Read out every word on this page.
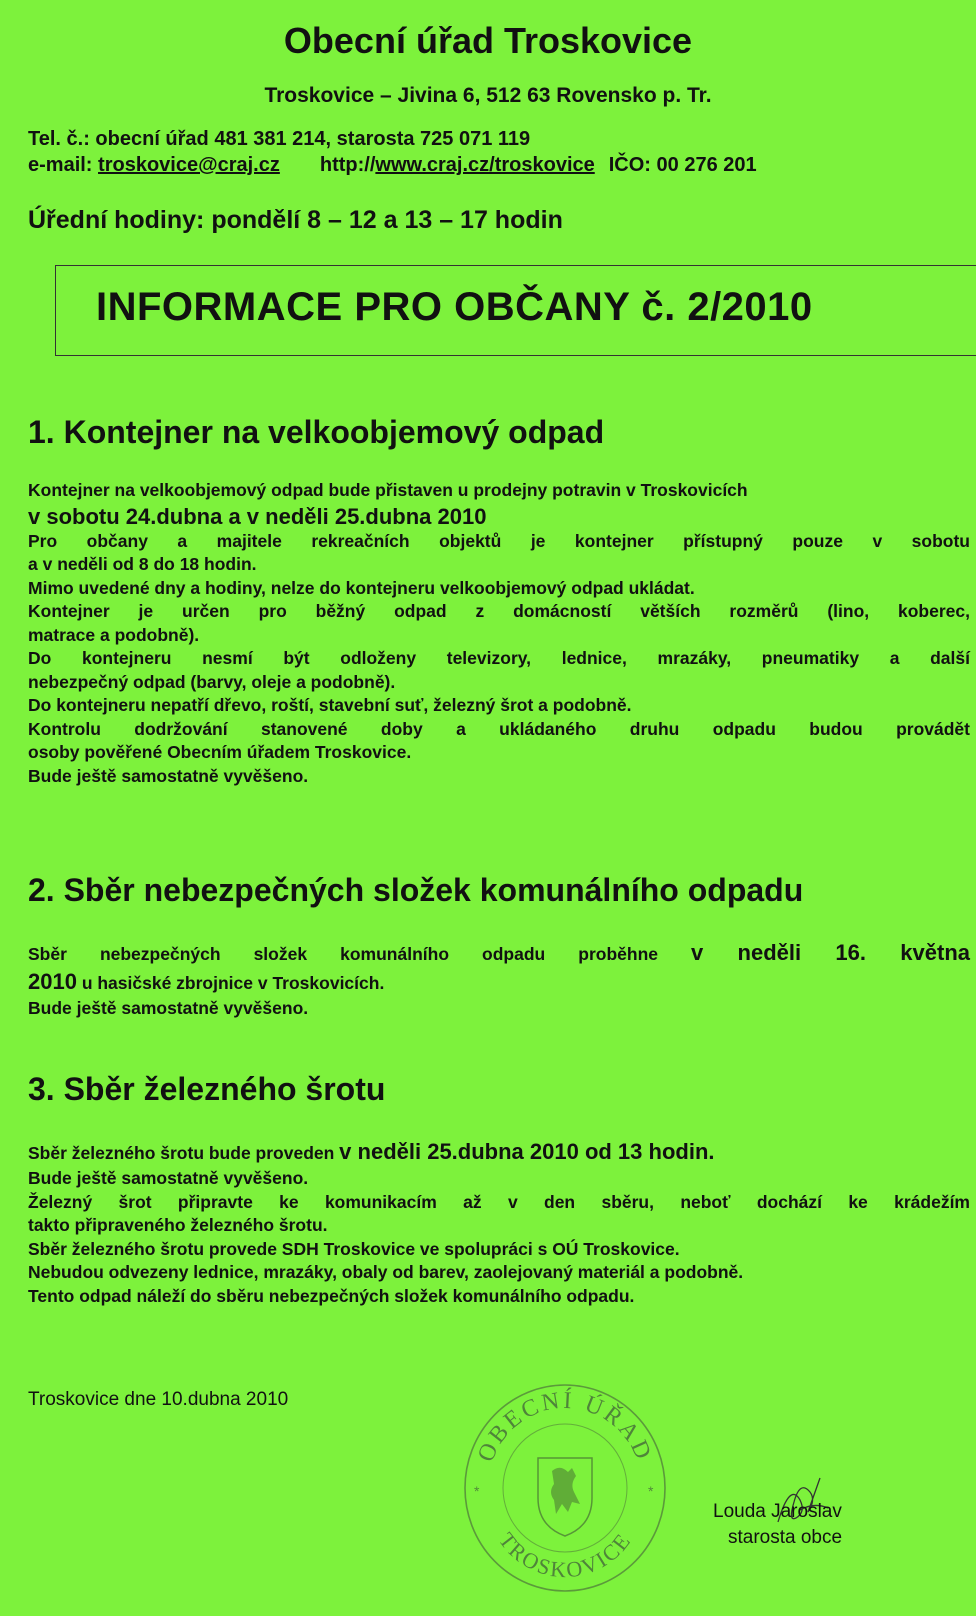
Obecní úřad Troskovice
Troskovice – Jivina 6, 512 63 Rovensko p. Tr.
Tel. č.: obecní úřad 481 381 214, starosta 725 071 119
e-mail: troskovice@craj.cz http://www.craj.cz/troskovice IČO: 00 276 201
Úřední hodiny: pondělí 8 – 12 a 13 – 17 hodin
INFORMACE PRO OBČANY č. 2/2010
1. Kontejner na velkoobjemový odpad
Kontejner na velkoobjemový odpad bude přistaven u prodejny potravin v Troskovicích
v sobotu 24.dubna a v neděli 25.dubna 2010
Pro občany a majitele rekreačních objektů je kontejner přístupný pouze v sobotu
a v neděli od 8 do 18 hodin.
Mimo uvedené dny a hodiny, nelze do kontejneru velkoobjemový odpad ukládat.
Kontejner je určen pro běžný odpad z domácností větších rozměrů (lino, koberec,
matrace a podobně).
Do kontejneru nesmí být odloženy televizory, lednice, mrazáky, pneumatiky a další
nebezpečný odpad (barvy, oleje a podobně).
Do kontejneru nepatří dřevo, roští, stavební suť, železný šrot a podobně.
Kontrolu dodržování stanovené doby a ukládaného druhu odpadu budou provádět
osoby pověřené Obecním úřadem Troskovice.
Bude ještě samostatně vyvěšeno.
2. Sběr nebezpečných složek komunálního odpadu
Sběr nebezpečných složek komunálního odpadu proběhne v neděli 16. května
2010 u hasičské zbrojnice v Troskovicích.
Bude ještě samostatně vyvěšeno.
3. Sběr železného šrotu
Sběr železného šrotu bude proveden v neděli 25.dubna 2010 od 13 hodin.
Bude ještě samostatně vyvěšeno.
Železný šrot připravte ke komunikacím až v den sběru, neboť dochází ke krádežím
takto připraveného železného šrotu.
Sběr železného šrotu provede SDH Troskovice ve spolupráci s OÚ Troskovice.
Nebudou odvezeny lednice, mrazáky, obaly od barev, zaolejovaný materiál a podobně.
Tento odpad náleží do sběru nebezpečných složek komunálního odpadu.
Troskovice dne 10.dubna 2010
OBECNÍ ÚŘAD
TROSKOVICE
*	*
Louda Jaroslav
starosta obce
